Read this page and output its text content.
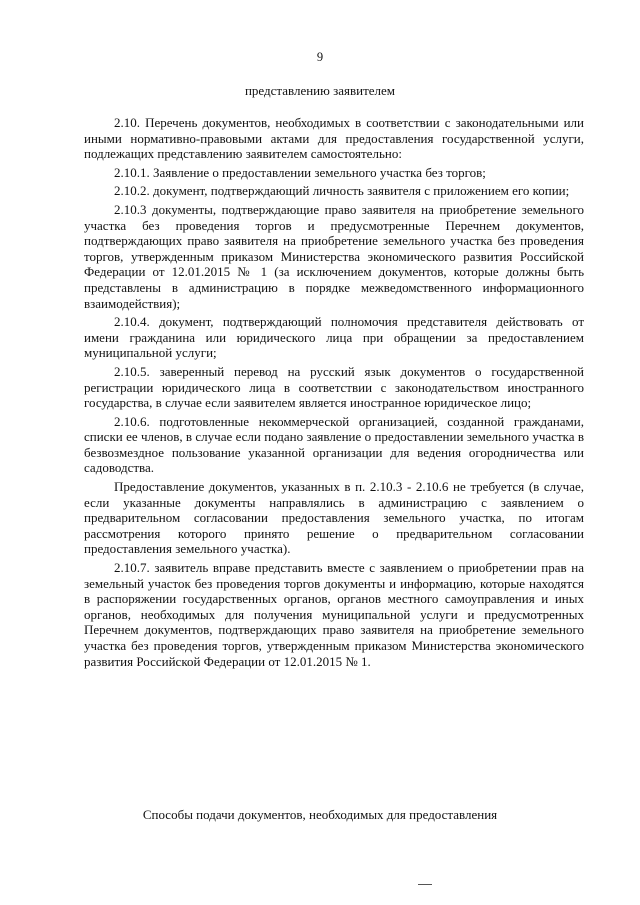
9
представлению заявителем

2.10. Перечень документов, необходимых в соответствии с законодательными или иными нормативно-правовыми актами для предоставления государственной услуги, подлежащих представлению заявителем самостоятельно:

2.10.1. Заявление о предоставлении земельного участка без торгов;

2.10.2. документ, подтверждающий личность заявителя с приложением его копии;

2.10.3 документы, подтверждающие право заявителя на приобретение земельного участка без проведения торгов и предусмотренные Перечнем документов, подтверждающих право заявителя на приобретение земельного участка без проведения торгов, утвержденным приказом Министерства экономического развития Российской Федерации от 12.01.2015 № 1 (за исключением документов, которые должны быть представлены в администрацию в порядке межведомственного информационного взаимодействия);

2.10.4. документ, подтверждающий полномочия представителя действовать от имени гражданина или юридического лица при обращении за предоставлением муниципальной услуги;

2.10.5. заверенный перевод на русский язык документов о государственной регистрации юридического лица в соответствии с законодательством иностранного государства, в случае если заявителем является иностранное юридическое лицо;

2.10.6. подготовленные некоммерческой организацией, созданной гражданами, списки ее членов, в случае если подано заявление о предоставлении земельного участка в безвозмездное пользование указанной организации для ведения огородничества или садоводства.

Предоставление документов, указанных в п. 2.10.3 - 2.10.6 не требуется (в случае, если указанные документы направлялись в администрацию с заявлением о предварительном согласовании предоставления земельного участка, по итогам рассмотрения которого принято решение о предварительном согласовании предоставления земельного участка).

2.10.7. заявитель вправе представить вместе с заявлением о приобретении прав на земельный участок без проведения торгов документы и информацию, которые находятся в распоряжении государственных органов, органов местного самоуправления и иных органов, необходимых для получения муниципальной услуги и предусмотренных Перечнем документов, подтверждающих право заявителя на приобретение земельного участка без проведения торгов, утвержденным приказом Министерства экономического развития Российской Федерации от 12.01.2015 № 1.

Способы подачи документов, необходимых для предоставления
